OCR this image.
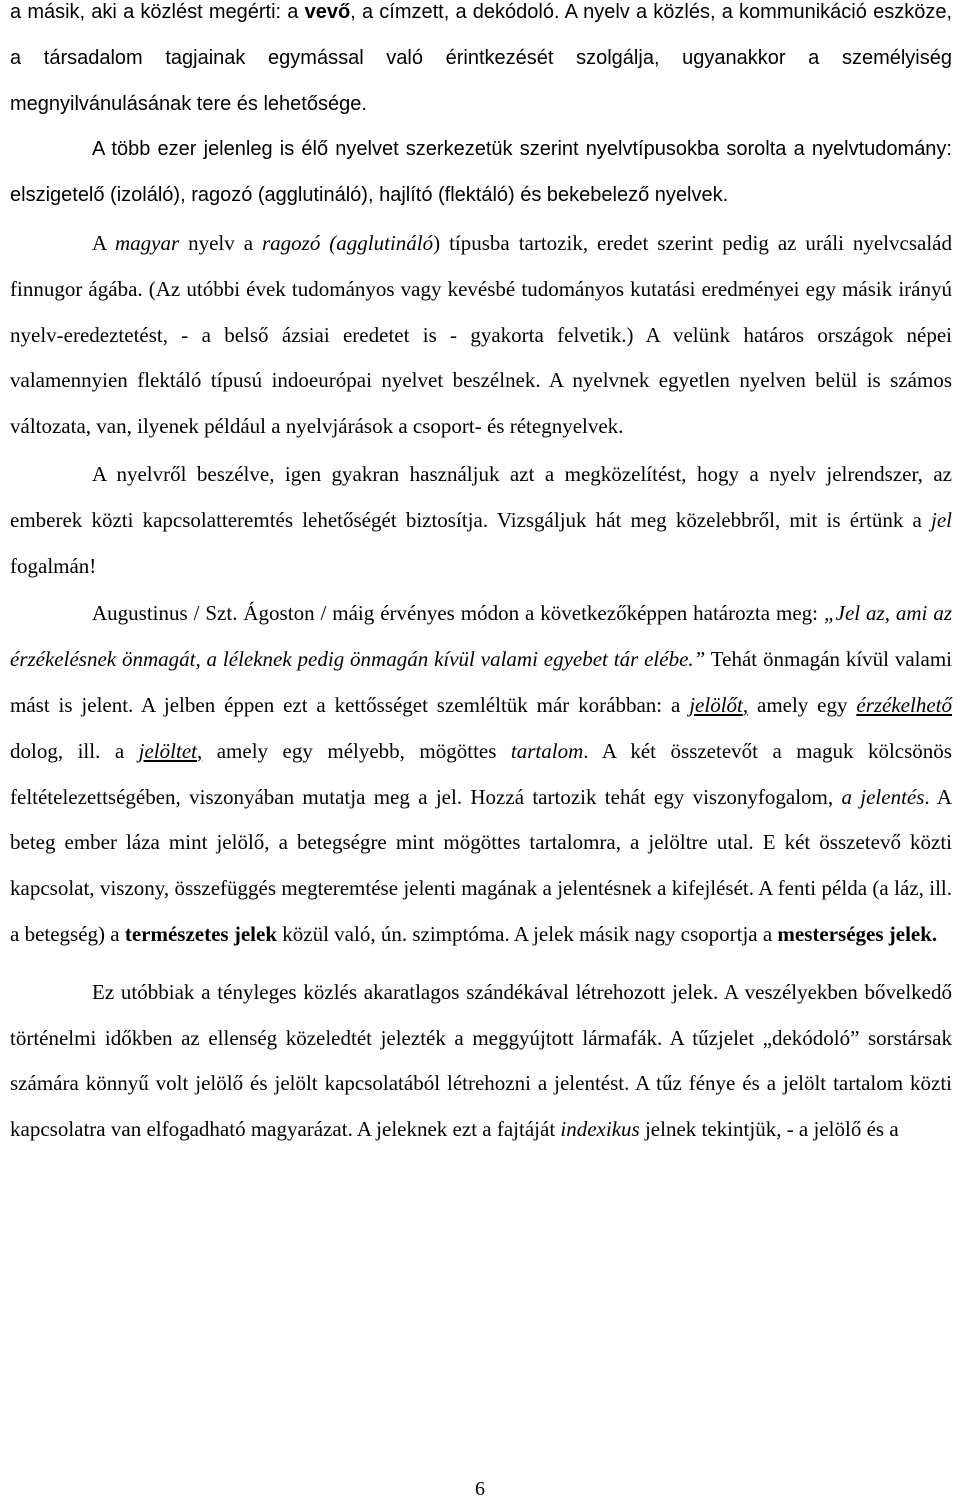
a másik, aki a közlést megérti: a vevő, a címzett, a dekódoló. A nyelv a közlés, a kommunikáció eszköze, a társadalom tagjainak egymással való érintkezését szolgálja, ugyanakkor a személyiség megnyilvánulásának tere és lehetősége.

A több ezer jelenleg is élő nyelvet szerkezetük szerint nyelvtípusokba sorolta a nyelvtudomány: elszigetelő (izoláló), ragozó (agglutináló), hajlító (flektáló) és bekebelező nyelvek.

A magyar nyelv a ragozó (agglutináló) típusba tartozik, eredet szerint pedig az uráli nyelvcsalád finnugor ágába. (Az utóbbi évek tudományos vagy kevésbé tudományos kutatási eredményei egy másik irányú nyelv-eredeztetést, - a belső ázsiai eredetet is - gyakorta felvetik.) A velünk határos országok népei valamennyien flektáló típusú indoeurópai nyelvet beszélnek. A nyelvnek egyetlen nyelven belül is számos változata, van, ilyenek például a nyelvjárások a csoport- és rétegnyelvek.

A nyelvről beszélve, igen gyakran használjuk azt a megközelítést, hogy a nyelv jelrendszer, az emberek közti kapcsolatteremtés lehetőségét biztosítja. Vizsgáljuk hát meg közelebbről, mit is értünk a jel fogalmán!

Augustinus / Szt. Ágoston / máig érvényes módon a következőképpen határozta meg: „Jel az, ami az érzékelésnek önmagát, a léleknek pedig önmagán kívül valami egyebet tár elébe.” Tehát önmagán kívül valami mást is jelent. A jelben éppen ezt a kettősséget szemléltük már korábban: a jelölőt, amely egy érzékelhető dolog, ill. a jelöltet, amely egy mélyebb, mögöttes tartalom. A két összetevőt a maguk kölcsönös feltételezettségében, viszonyában mutatja meg a jel. Hozzá tartozik tehát egy viszonyfogalom, a jelentés. A beteg ember láza mint jelölő, a betegségre mint mögöttes tartalomra, a jelöltre utal. E két összetevő közti kapcsolat, viszony, összefüggés megteremtése jelenti magának a jelentésnek a kifejlését. A fenti példa (a láz, ill. a betegség) a természetes jelek közül való, ún. szimptóma. A jelek másik nagy csoportja a mesterséges jelek.

Ez utóbbiak a tényleges közlés akaratlagos szándékával létrehozott jelek. A veszélyekben bővelkedő történelmi időkben az ellenség közeledtét jelezték a meggyújtott lármafák. A tűzjelet „dekódoló” sorstársak számára könnyű volt jelölő és jelölt kapcsolatából létrehozni a jelentést. A tűz fénye és a jelölt tartalom közti kapcsolatra van elfogadható magyarázat. A jeleknek ezt a fajtáját indexikus jelnek tekintjük, - a jelölő és a

6
